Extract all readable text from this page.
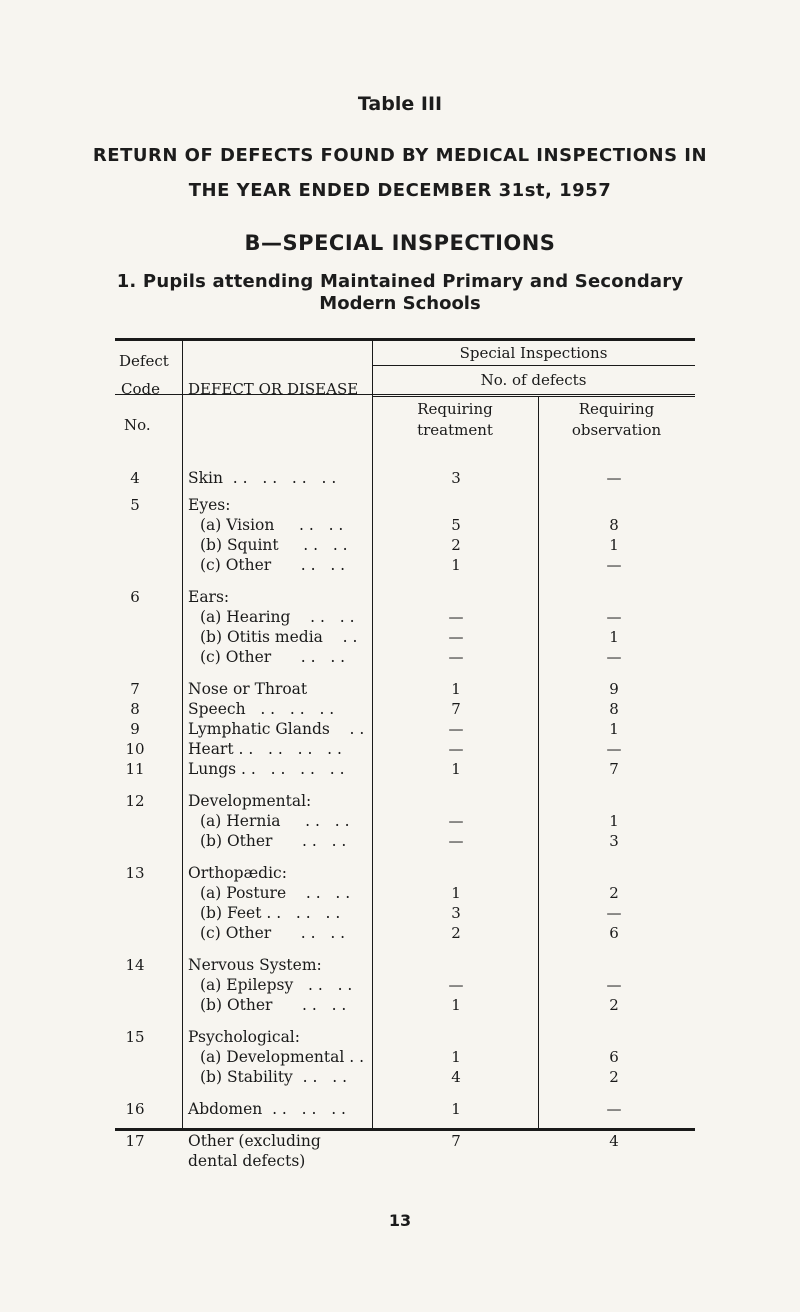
Table III
RETURN OF DEFECTS FOUND BY MEDICAL INSPECTIONS IN
THE YEAR ENDED DECEMBER 31st, 1957
B—SPECIAL INSPECTIONS
1. Pupils attending Maintained Primary and Secondary
Modern Schools
Defect
Code
No.
DEFECT OR DISEASE
Special Inspections
No. of defects
Requiring
treatment
Requiring
observation
4	Skin  . .   . .   . .   . .	3	—
5	Eyes:
(a) Vision     . .   . .	5	8
(b) Squint     . .   . .	2	1
(c) Other      . .   . .	1	—
6	Ears:
(a) Hearing    . .   . .	—	—
(b) Otitis media    . .	—	1
(c) Other      . .   . .	—	—
7	Nose or Throat	1	9
8	Speech   . .   . .   . .	7	8
9	Lymphatic Glands    . .	—	1
10	Heart . .   . .   . .   . .	—	—
11	Lungs . .   . .   . .   . .	1	7
12	Developmental:
(a) Hernia     . .   . .	—	1
(b) Other      . .   . .	—	3
13	Orthopædic:
(a) Posture    . .   . .	1	2
(b) Feet . .   . .   . .	3	—
(c) Other      . .   . .	2	6
14	Nervous System:
(a) Epilepsy   . .   . .	—	—
(b) Other      . .   . .	1	2
15	Psychological:
(a) Developmental . .	1	6
(b) Stability  . .   . .	4	2
16	Abdomen  . .   . .   . .	1	—
17	Other (excluding	7	4
dental defects)
13
